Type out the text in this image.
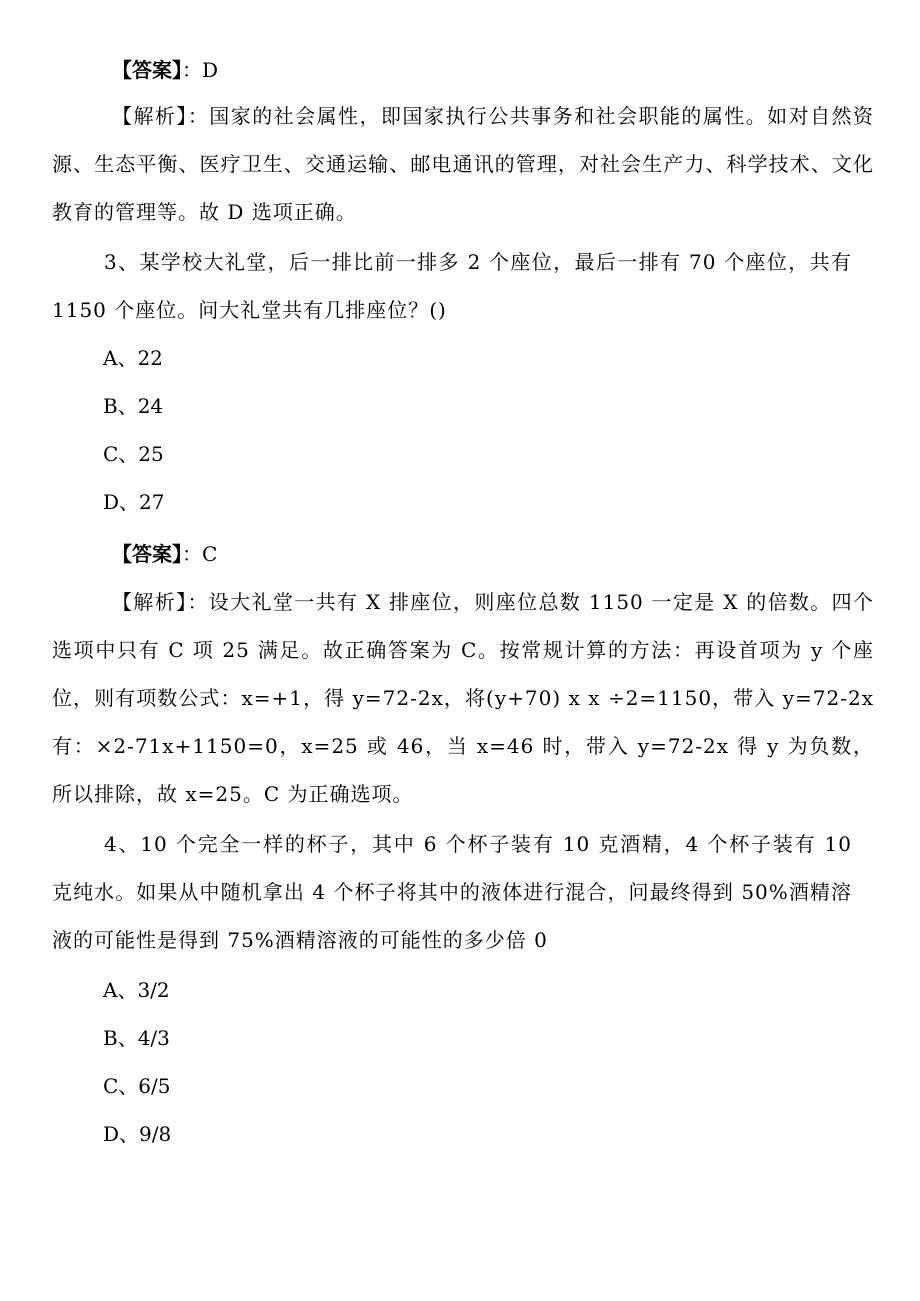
【答案】：D
【解析】：国家的社会属性，即国家执行公共事务和社会职能的属性。如对自然资源、生态平衡、医疗卫生、交通运输、邮电通讯的管理，对社会生产力、科学技术、文化教育的管理等。故 D 选项正确。
3、某学校大礼堂，后一排比前一排多 2 个座位，最后一排有 70 个座位，共有 1150 个座位。问大礼堂共有几排座位？()
A、22
B、24
C、25
D、27
【答案】：C
【解析】：设大礼堂一共有 X 排座位，则座位总数 1150 一定是 X 的倍数。四个选项中只有 C 项 25 满足。故正确答案为 C。按常规计算的方法：再设首项为 y 个座位，则有项数公式：x=+1，得 y=72-2x，将(y+70) x x ÷2=1150，带入 y=72-2x 有：×2-71x+1150=0，x=25 或 46，当 x=46 时，带入 y=72-2x 得 y 为负数，所以排除，故 x=25。C 为正确选项。
4、10 个完全一样的杯子，其中 6 个杯子装有 10 克酒精，4 个杯子装有 10 克纯水。如果从中随机拿出 4 个杯子将其中的液体进行混合，问最终得到 50%酒精溶液的可能性是得到 75%酒精溶液的可能性的多少倍 0
A、3/2
B、4/3
C、6/5
D、9/8
